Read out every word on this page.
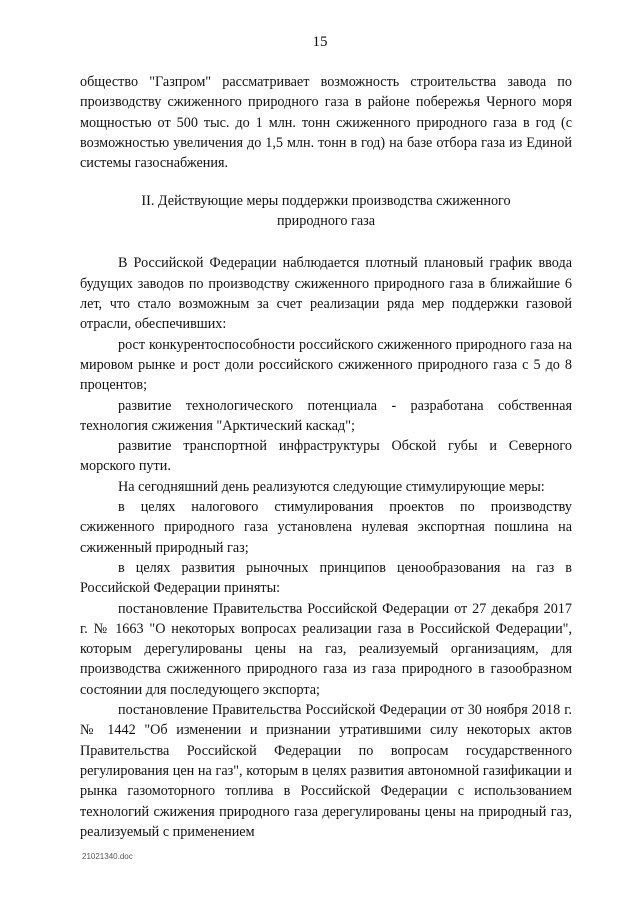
15

общество "Газпром" рассматривает возможность строительства завода по производству сжиженного природного газа в районе побережья Черного моря мощностью от 500 тыс. до 1 млн. тонн сжиженного природного газа в год (с возможностью увеличения до 1,5 млн. тонн в год) на базе отбора газа из Единой системы газоснабжения.

II. Действующие меры поддержки производства сжиженного
природного газа

В Российской Федерации наблюдается плотный плановый график ввода будущих заводов по производству сжиженного природного газа в ближайшие 6 лет, что стало возможным за счет реализации ряда мер поддержки газовой отрасли, обеспечивших:

рост конкурентоспособности российского сжиженного природного газа на мировом рынке и рост доли российского сжиженного природного газа с 5 до 8 процентов;

развитие технологического потенциала - разработана собственная технология сжижения "Арктический каскад";

развитие транспортной инфраструктуры Обской губы и Северного морского пути.

На сегодняшний день реализуются следующие стимулирующие меры:

в целях налогового стимулирования проектов по производству сжиженного природного газа установлена нулевая экспортная пошлина на сжиженный природный газ;

в целях развития рыночных принципов ценообразования на газ в Российской Федерации приняты:

постановление Правительства Российской Федерации от 27 декабря 2017 г. № 1663 "О некоторых вопросах реализации газа в Российской Федерации", которым дерегулированы цены на газ, реализуемый организациям, для производства сжиженного природного газа из газа природного в газообразном состоянии для последующего экспорта;

постановление Правительства Российской Федерации от 30 ноября 2018 г. № 1442 "Об изменении и признании утратившими силу некоторых актов Правительства Российской Федерации по вопросам государственного регулирования цен на газ", которым в целях развития автономной газификации и рынка газомоторного топлива в Российской Федерации с использованием технологий сжижения природного газа дерегулированы цены на природный газ, реализуемый с применением

21021340.doc
